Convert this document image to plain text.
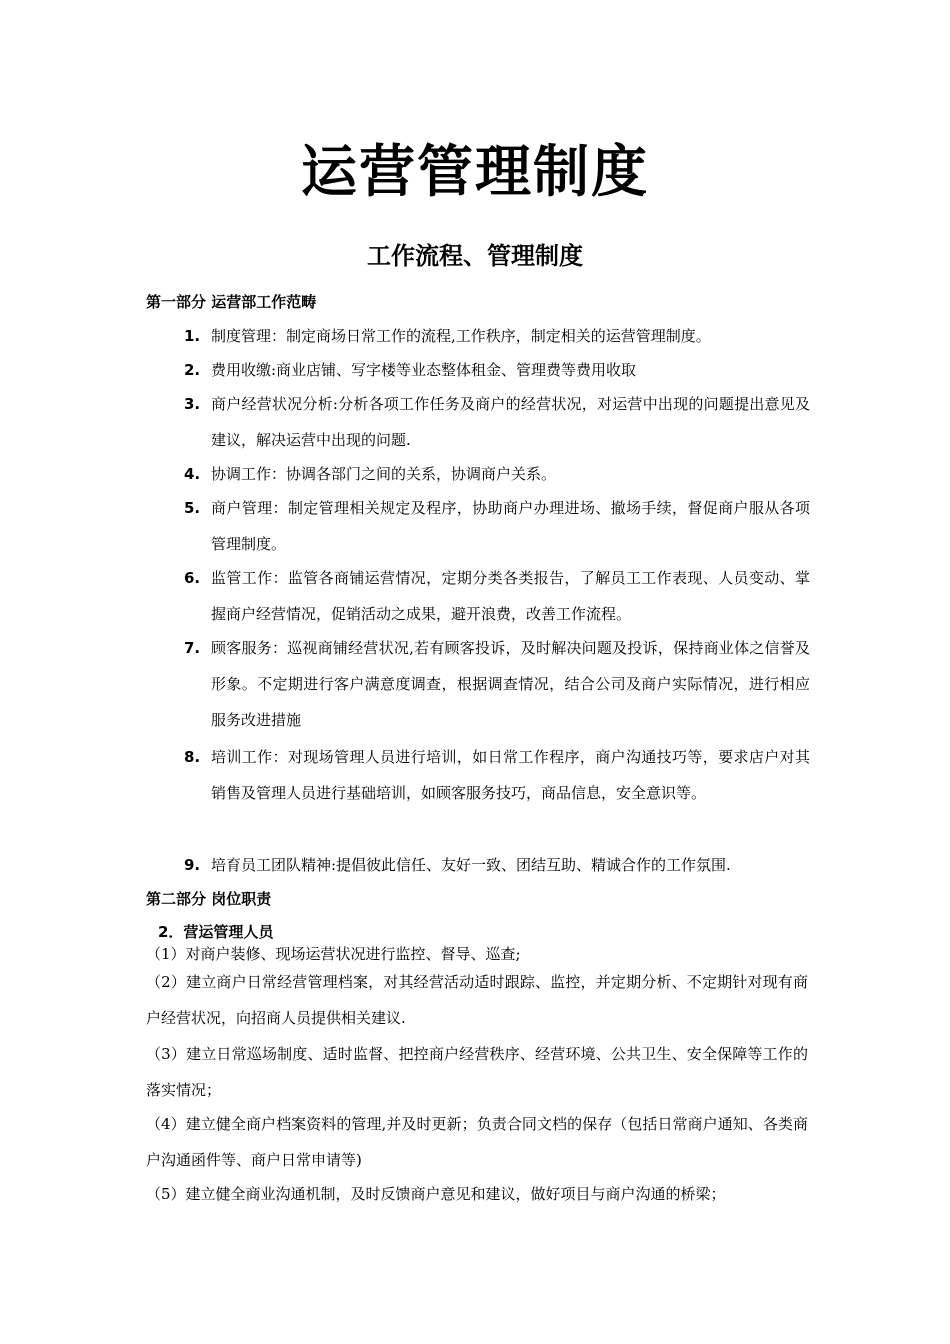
运营管理制度
工作流程、管理制度
第一部分 运营部工作范畴
1. 制度管理：制定商场日常工作的流程,工作秩序，制定相关的运营管理制度。
2. 费用收缴:商业店铺、写字楼等业态整体租金、管理费等费用收取
3. 商户经营状况分析:分析各项工作任务及商户的经营状况，对运营中出现的问题提出意见及建议，解决运营中出现的问题.
4. 协调工作：协调各部门之间的关系，协调商户关系。
5. 商户管理：制定管理相关规定及程序，协助商户办理进场、撤场手续，督促商户服从各项管理制度。
6. 监管工作：监管各商铺运营情况，定期分类各类报告，了解员工工作表现、人员变动、掌握商户经营情况，促销活动之成果，避开浪费，改善工作流程。
7. 顾客服务：巡视商铺经营状况,若有顾客投诉，及时解决问题及投诉，保持商业体之信誉及形象。不定期进行客户满意度调查，根据调查情况，结合公司及商户实际情况，进行相应服务改进措施
8. 培训工作：对现场管理人员进行培训，如日常工作程序，商户沟通技巧等，要求店户对其销售及管理人员进行基础培训，如顾客服务技巧，商品信息，安全意识等。
9. 培育员工团队精神:提倡彼此信任、友好一致、团结互助、精诚合作的工作氛围.
第二部分 岗位职责
2．营运管理人员
（1）对商户装修、现场运营状况进行监控、督导、巡查;
（2）建立商户日常经营管理档案，对其经营活动适时跟踪、监控，并定期分析、不定期针对现有商户经营状况，向招商人员提供相关建议.
（3）建立日常巡场制度、适时监督、把控商户经营秩序、经营环境、公共卫生、安全保障等工作的落实情况；
（4）建立健全商户档案资料的管理,并及时更新；负责合同文档的保存（包括日常商户通知、各类商户沟通函件等、商户日常申请等)
（5）建立健全商业沟通机制，及时反馈商户意见和建议，做好项目与商户沟通的桥梁；
